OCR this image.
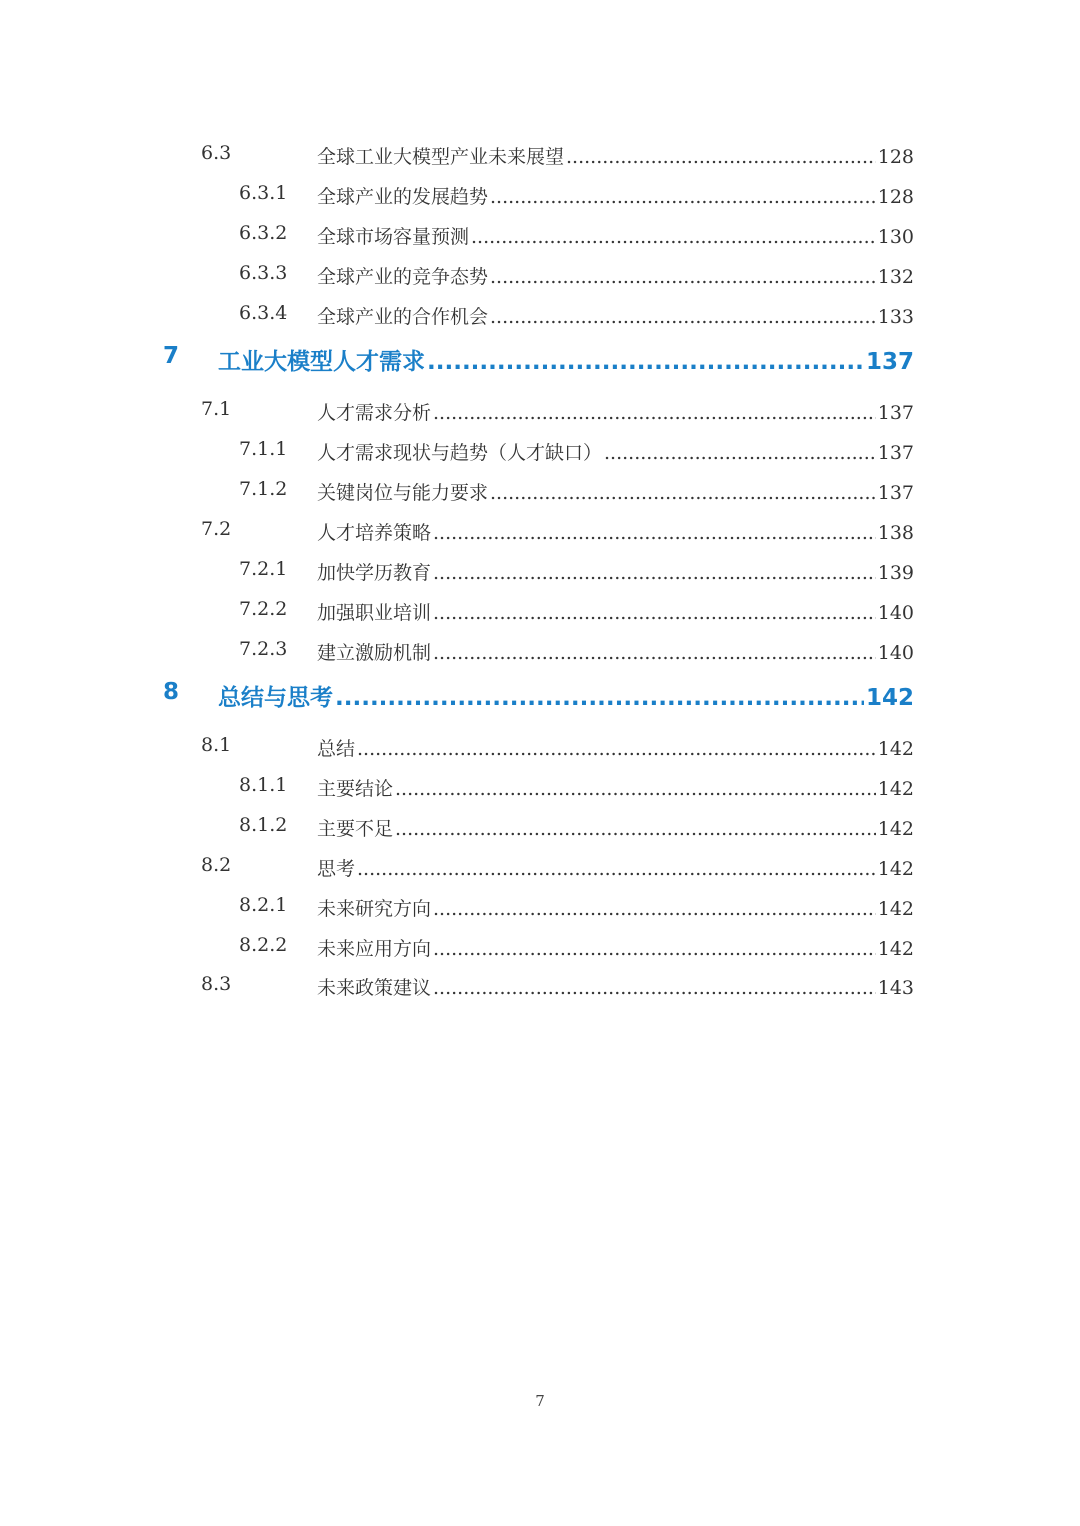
6.3	全球工业大模型产业未来展望 .....	128
6.3.1 全球产业的发展趋势 .....	128
6.3.2 全球市场容量预测 .....	130
6.3.3 全球产业的竞争态势 .....	132
6.3.4 全球产业的合作机会 .....	133
7 工业大模型人才需求 .....	137
7.1	人才需求分析 .....	137
7.1.1 人才需求现状与趋势（人才缺口） .....	137
7.1.2 关键岗位与能力要求 .....	137
7.2	人才培养策略 .....	138
7.2.1 加快学历教育 .....	139
7.2.2 加强职业培训 .....	140
7.2.3 建立激励机制 .....	140
8 总结与思考 .....	142
8.1	总结 .....	142
8.1.1 主要结论 .....	142
8.1.2 主要不足 .....	142
8.2	思考 .....	142
8.2.1 未来研究方向 .....	142
8.2.2 未来应用方向 .....	142
8.3	未来政策建议 .....	143
7
